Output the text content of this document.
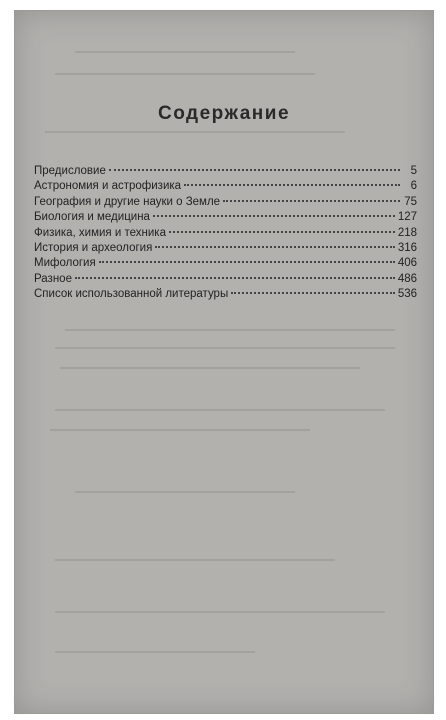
Содержание
Предисловие	5
Астрономия и астрофизика	6
География и другие науки о Земле	75
Биология и медицина	127
Физика, химия и техника	218
История и археология	316
Мифология	406
Разное	486
Список использованной литературы	536
